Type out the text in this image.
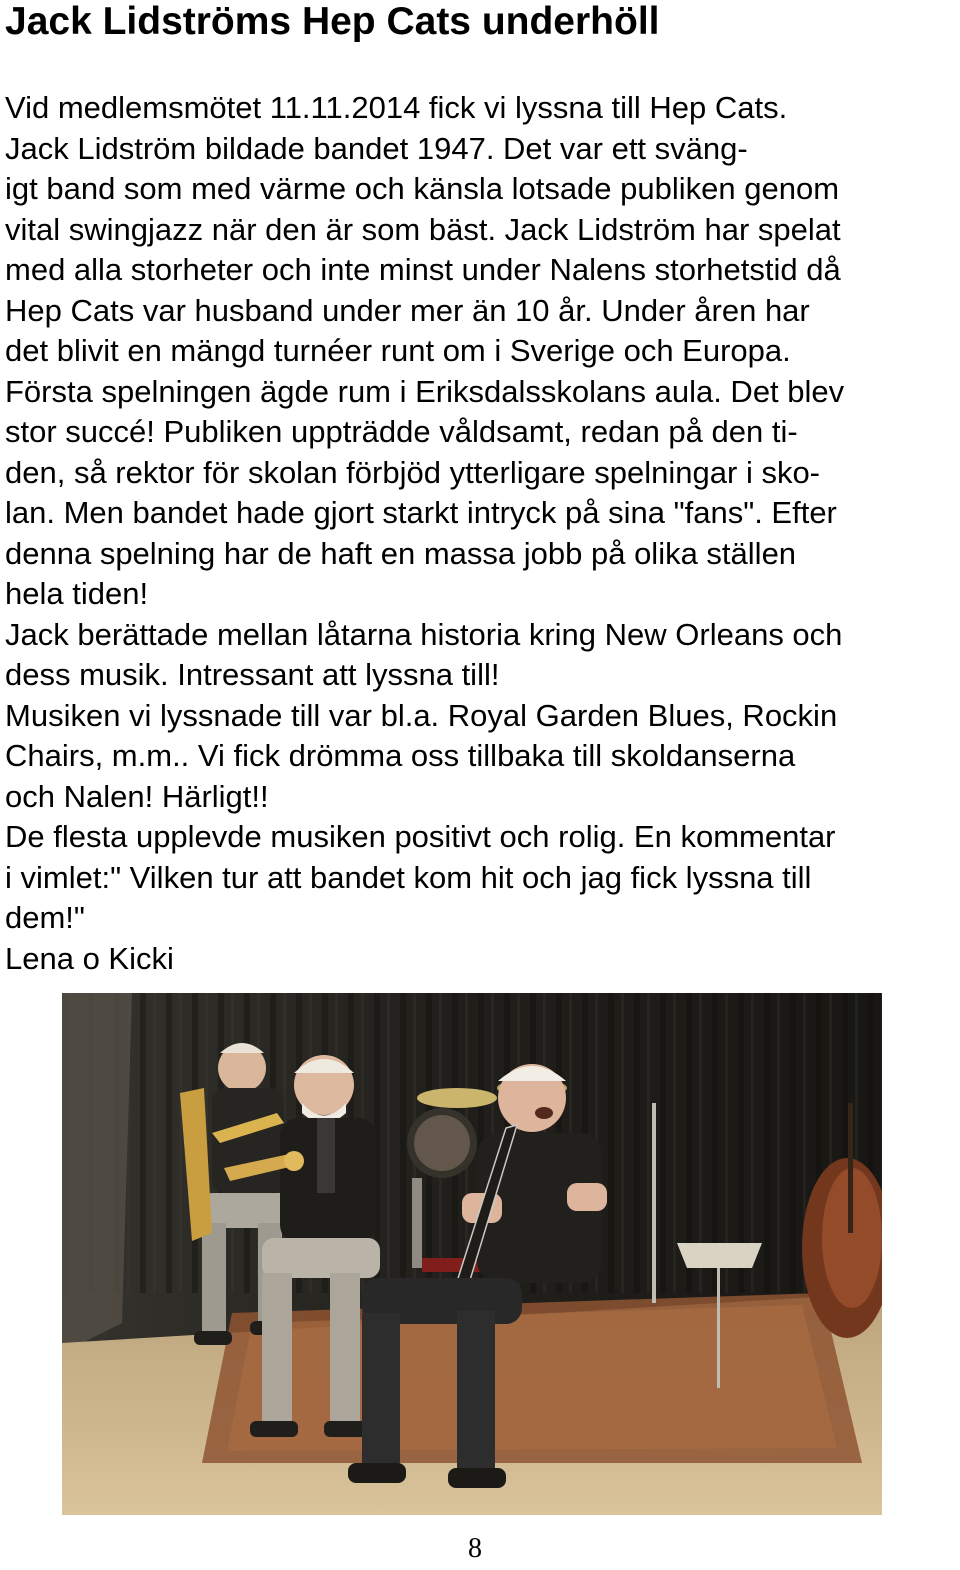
Jack Lidströms Hep Cats underhöll
Vid medlemsmötet 11.11.2014 fick vi lyssna till Hep Cats.
Jack Lidström bildade bandet 1947. Det var ett sväng-
igt band som med värme och känsla lotsade publiken genom
vital swingjazz när den är som bäst. Jack Lidström har spelat
med alla storheter och inte minst under Nalens storhetstid då
Hep Cats var husband under mer än 10 år. Under åren har
det blivit en mängd turnéer runt om i Sverige och Europa.
Första spelningen ägde rum i Eriksdalsskolans aula. Det blev
stor succé! Publiken uppträdde våldsamt, redan på den ti-
den, så rektor för skolan förbjöd ytterligare spelningar i sko-
lan. Men bandet hade gjort starkt intryck på sina "fans". Efter
denna spelning har de haft en massa jobb på olika ställen
hela tiden!
Jack berättade mellan låtarna historia kring New Orleans och
dess musik. Intressant att lyssna till!
Musiken vi lyssnade till var bl.a. Royal Garden Blues, Rockin
Chairs, m.m.. Vi fick drömma oss tillbaka till skoldanserna
och Nalen! Härligt!!
De flesta upplevde musiken positivt och rolig. En kommentar
i vimlet:" Vilken tur att bandet kom hit och jag fick lyssna till
dem!"
Lena o Kicki
8
